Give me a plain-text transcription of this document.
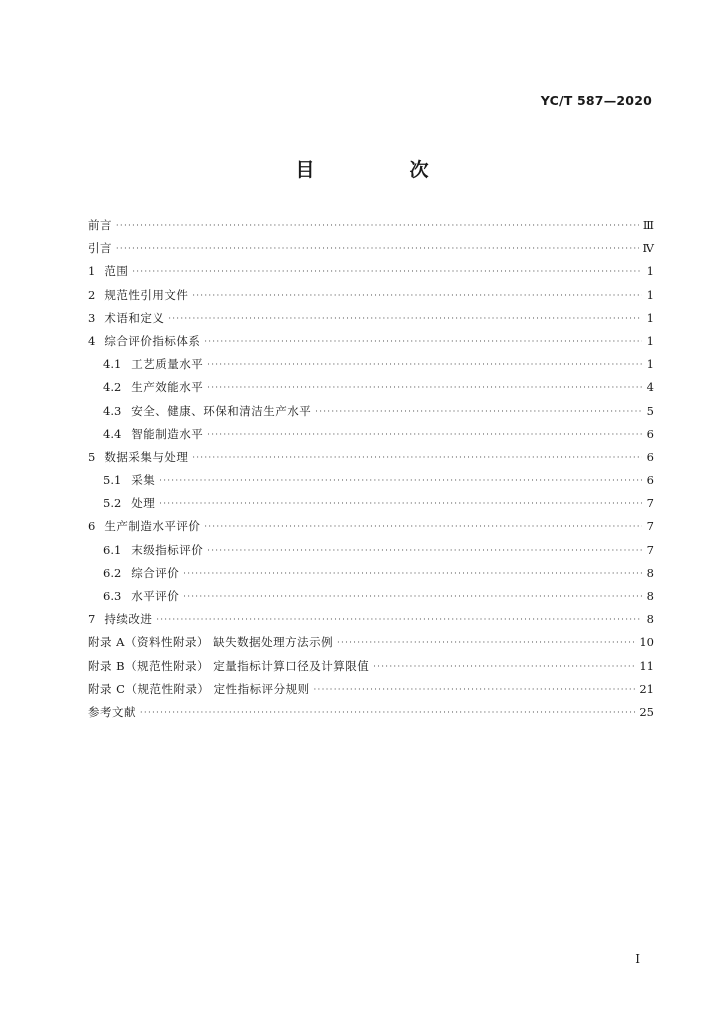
YC/T 587—2020
目　次
前言 ·····	Ⅲ
引言 ·····	Ⅳ
1 范围 ·····	1
2 规范性引用文件 ·····	1
3 术语和定义 ·····	1
4 综合评价指标体系 ·····	1
4.1 工艺质量水平 ·····	1
4.2 生产效能水平 ·····	4
4.3 安全、健康、环保和清洁生产水平 ·····	5
4.4 智能制造水平 ·····	6
5 数据采集与处理 ·····	6
5.1 采集 ·····	6
5.2 处理 ·····	7
6 生产制造水平评价 ·····	7
6.1 末级指标评价 ·····	7
6.2 综合评价 ·····	8
6.3 水平评价 ·····	8
7 持续改进 ·····	8
附录 A（资料性附录） 缺失数据处理方法示例 ·····	10
附录 B（规范性附录） 定量指标计算口径及计算限值 ·····	11
附录 C（规范性附录） 定性指标评分规则 ·····	21
参考文献 ·····	25
I
